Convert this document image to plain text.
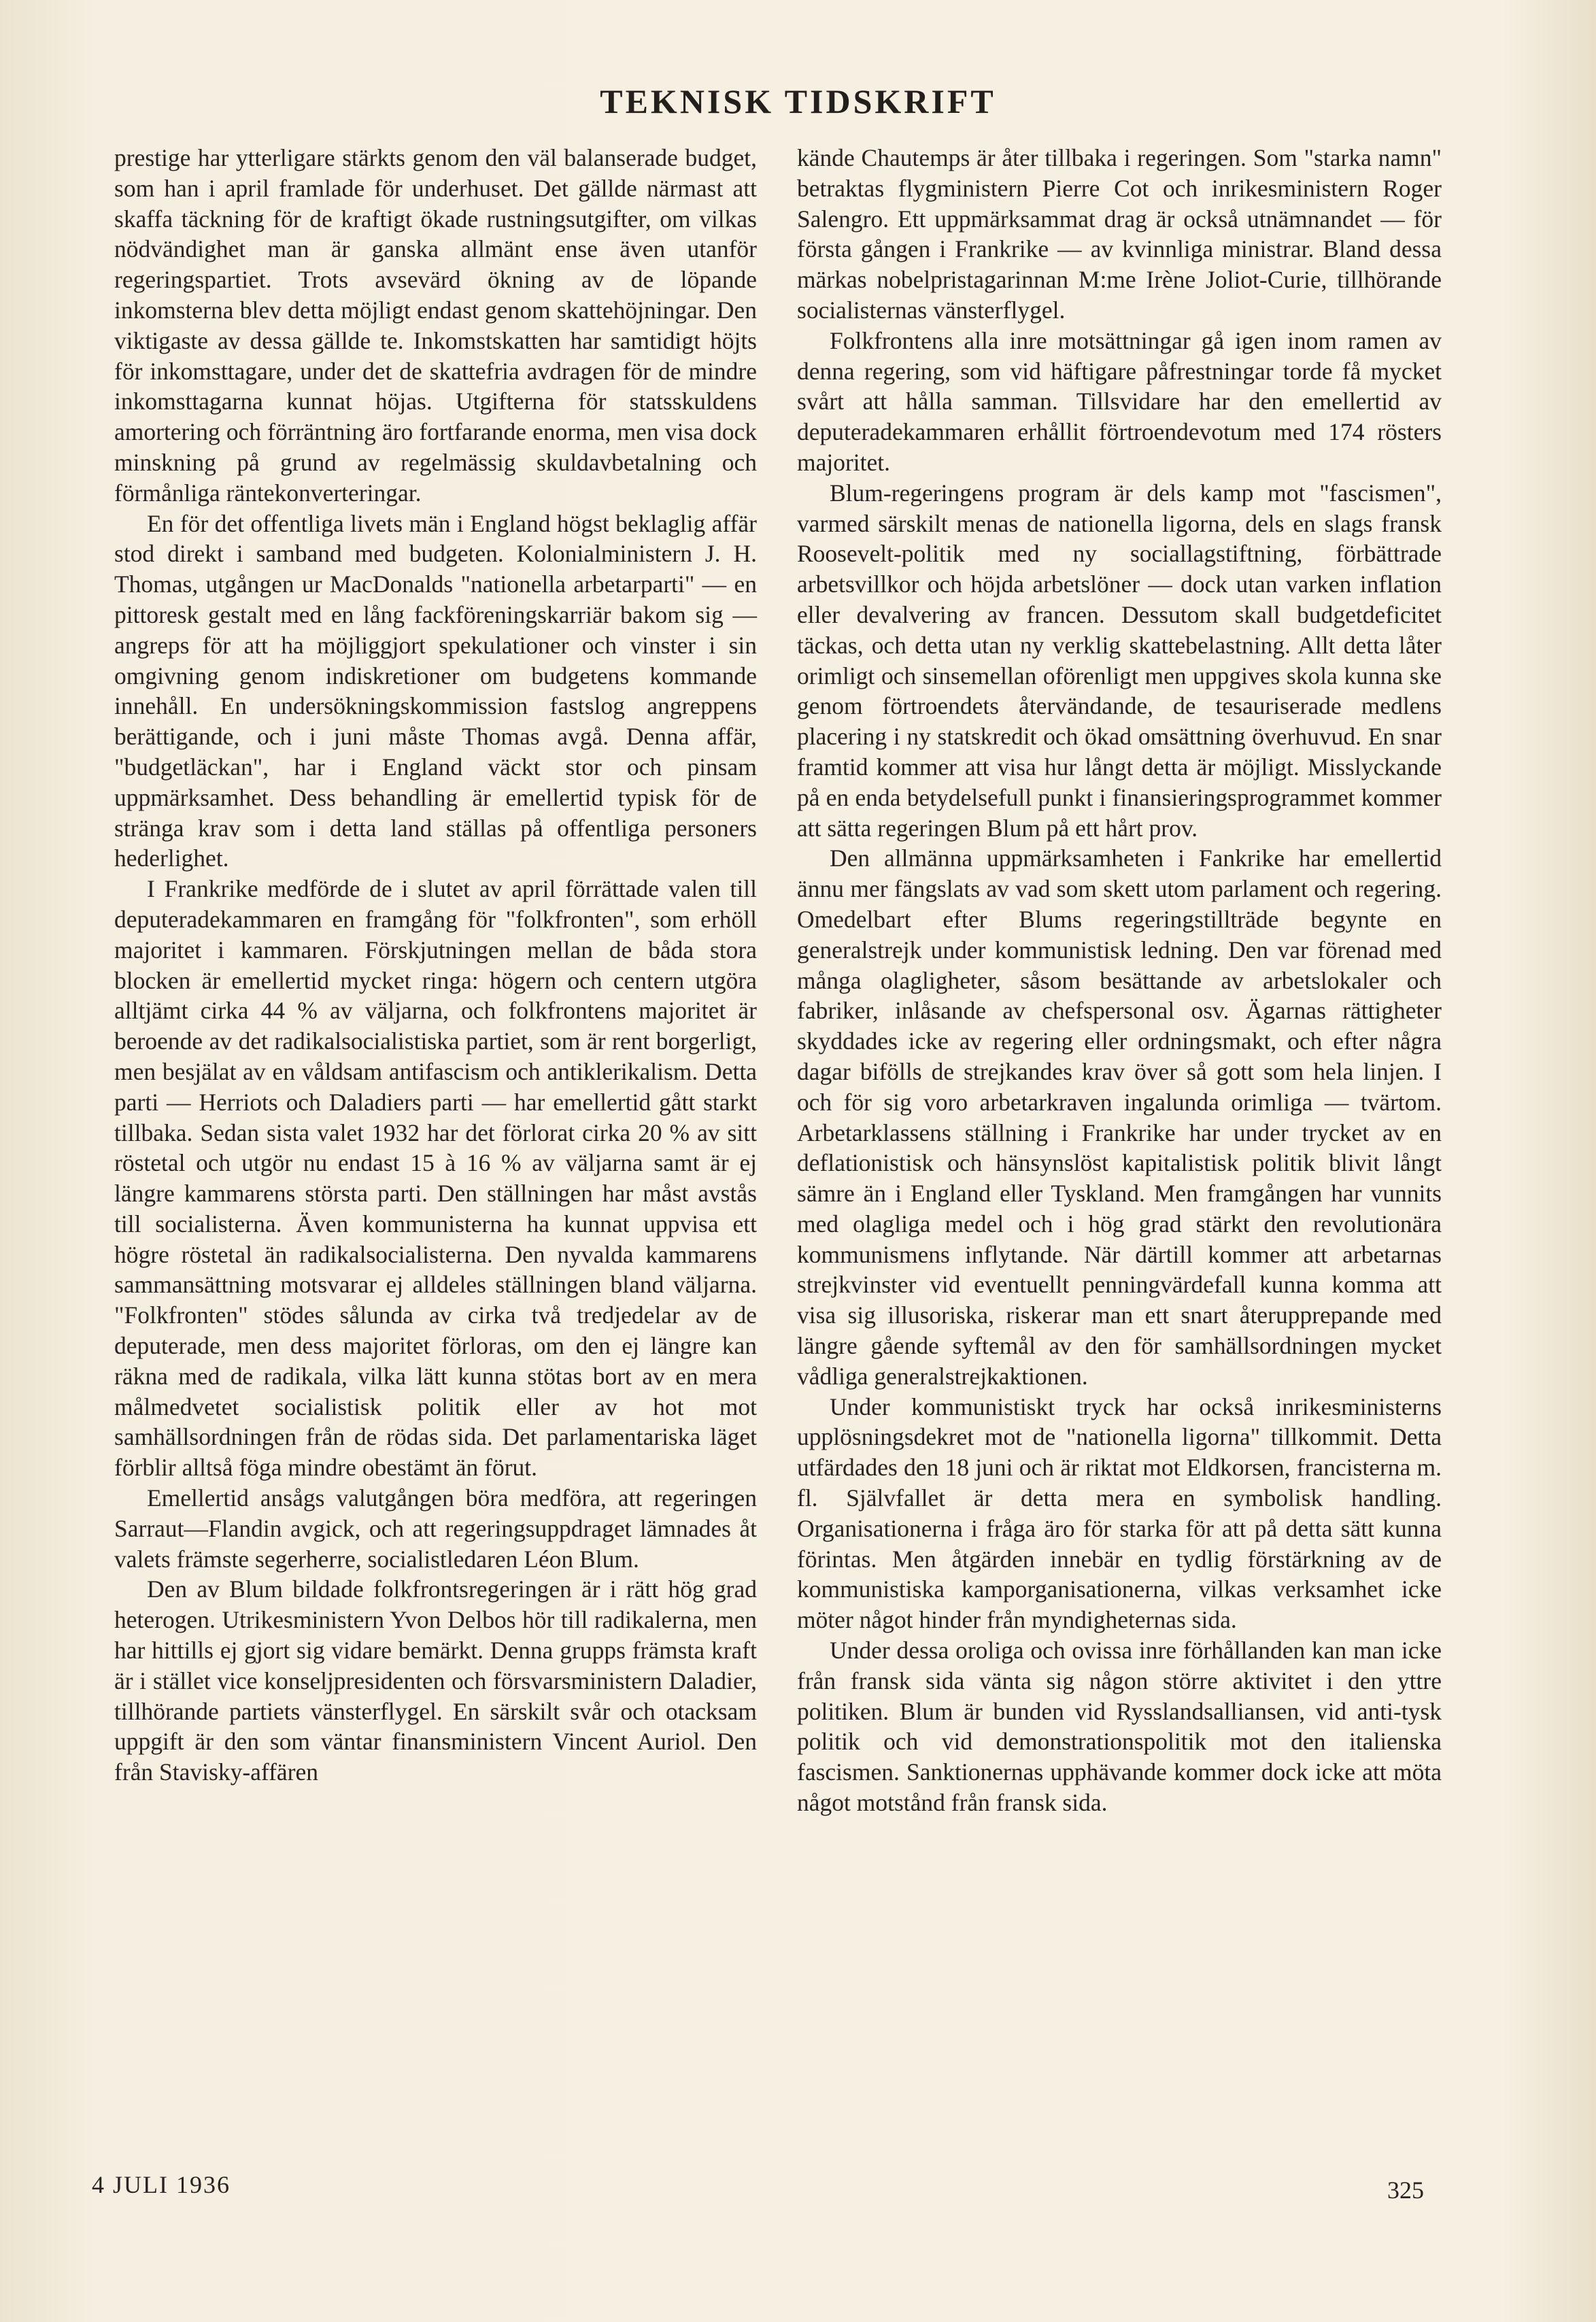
TEKNISK TIDSKRIFT

prestige har ytterligare stärkts genom den väl balanserade budget, som han i april framlade för underhuset. Det gällde närmast att skaffa täckning för de kraftigt ökade rustningsutgifter, om vilkas nödvändighet man är ganska allmänt ense även utanför regeringspartiet. Trots avsevärd ökning av de löpande inkomsterna blev detta möjligt endast genom skattehöjningar. Den viktigaste av dessa gällde te. Inkomstskatten har samtidigt höjts för inkomsttagare, under det de skattefria avdragen för de mindre inkomsttagarna kunnat höjas. Utgifterna för statsskuldens amortering och förräntning äro fortfarande enorma, men visa dock minskning på grund av regelmässig skuldavbetalning och förmånliga räntekonverteringar.

En för det offentliga livets män i England högst beklaglig affär stod direkt i samband med budgeten. Kolonialministern J. H. Thomas, utgången ur MacDonalds "nationella arbetarparti" — en pittoresk gestalt med en lång fackföreningskarriär bakom sig — angreps för att ha möjliggjort spekulationer och vinster i sin omgivning genom indiskretioner om budgetens kommande innehåll. En undersökningskommission fastslog angreppens berättigande, och i juni måste Thomas avgå. Denna affär, "budgetläckan", har i England väckt stor och pinsam uppmärksamhet. Dess behandling är emellertid typisk för de stränga krav som i detta land ställas på offentliga personers hederlighet.

I Frankrike medförde de i slutet av april förrättade valen till deputeradekammaren en framgång för "folkfronten", som erhöll majoritet i kammaren. Förskjutningen mellan de båda stora blocken är emellertid mycket ringa: högern och centern utgöra alltjämt cirka 44 % av väljarna, och folkfrontens majoritet är beroende av det radikalsocialistiska partiet, som är rent borgerligt, men besjälat av en våldsam antifascism och antiklerikalism. Detta parti — Herriots och Daladiers parti — har emellertid gått starkt tillbaka. Sedan sista valet 1932 har det förlorat cirka 20 % av sitt röstetal och utgör nu endast 15 à 16 % av väljarna samt är ej längre kammarens största parti. Den ställningen har måst avstås till socialisterna. Även kommunisterna ha kunnat uppvisa ett högre röstetal än radikalsocialisterna. Den nyvalda kammarens sammansättning motsvarar ej alldeles ställningen bland väljarna. "Folkfronten" stödes sålunda av cirka två tredjedelar av de deputerade, men dess majoritet förloras, om den ej längre kan räkna med de radikala, vilka lätt kunna stötas bort av en mera målmedvetet socialistisk politik eller av hot mot samhällsordningen från de rödas sida. Det parlamentariska läget förblir alltså föga mindre obestämt än förut.

Emellertid ansågs valutgången böra medföra, att regeringen Sarraut—Flandin avgick, och att regeringsuppdraget lämnades åt valets främste segerherre, socialistledaren Léon Blum.

Den av Blum bildade folkfrontsregeringen är i rätt hög grad heterogen. Utrikesministern Yvon Delbos hör till radikalerna, men har hittills ej gjort sig vidare bemärkt. Denna grupps främsta kraft är i stället vice konseljpresidenten och försvarsministern Daladier, tillhörande partiets vänsterflygel. En särskilt svår och otacksam uppgift är den som väntar finansministern Vincent Auriol. Den från Stavisky-affären

kände Chautemps är åter tillbaka i regeringen. Som "starka namn" betraktas flygministern Pierre Cot och inrikesministern Roger Salengro. Ett uppmärksammat drag är också utnämnandet — för första gången i Frankrike — av kvinnliga ministrar. Bland dessa märkas nobelpristagarinnan M:me Irène Joliot-Curie, tillhörande socialisternas vänsterflygel.

Folkfrontens alla inre motsättningar gå igen inom ramen av denna regering, som vid häftigare påfrestningar torde få mycket svårt att hålla samman. Tillsvidare har den emellertid av deputeradekammaren erhållit förtroendevotum med 174 rösters majoritet.

Blum-regeringens program är dels kamp mot "fascismen", varmed särskilt menas de nationella ligorna, dels en slags fransk Roosevelt-politik med ny sociallagstiftning, förbättrade arbetsvillkor och höjda arbetslöner — dock utan varken inflation eller devalvering av francen. Dessutom skall budgetdeficitet täckas, och detta utan ny verklig skattebelastning. Allt detta låter orimligt och sinsemellan oförenligt men uppgives skola kunna ske genom förtroendets återvändande, de tesauriserade medlens placering i ny statskredit och ökad omsättning överhuvud. En snar framtid kommer att visa hur långt detta är möjligt. Misslyckande på en enda betydelsefull punkt i finansieringsprogrammet kommer att sätta regeringen Blum på ett hårt prov.

Den allmänna uppmärksamheten i Fankrike har emellertid ännu mer fängslats av vad som skett utom parlament och regering. Omedelbart efter Blums regeringstillträde begynte en generalstrejk under kommunistisk ledning. Den var förenad med många olagligheter, såsom besättande av arbetslokaler och fabriker, inlåsande av chefspersonal osv. Ägarnas rättigheter skyddades icke av regering eller ordningsmakt, och efter några dagar bifölls de strejkandes krav över så gott som hela linjen. I och för sig voro arbetarkraven ingalunda orimliga — tvärtom. Arbetarklassens ställning i Frankrike har under trycket av en deflationistisk och hänsynslöst kapitalistisk politik blivit långt sämre än i England eller Tyskland. Men framgången har vunnits med olagliga medel och i hög grad stärkt den revolutionära kommunismens inflytande. När därtill kommer att arbetarnas strejkvinster vid eventuellt penningvärdefall kunna komma att visa sig illusoriska, riskerar man ett snart återupprepande med längre gående syftemål av den för samhällsordningen mycket vådliga generalstrejkaktionen.

Under kommunistiskt tryck har också inrikesministerns upplösningsdekret mot de "nationella ligorna" tillkommit. Detta utfärdades den 18 juni och är riktat mot Eldkorsen, francisterna m. fl. Självfallet är detta mera en symbolisk handling. Organisationerna i fråga äro för starka för att på detta sätt kunna förintas. Men åtgärden innebär en tydlig förstärkning av de kommunistiska kamporganisationerna, vilkas verksamhet icke möter något hinder från myndigheternas sida.

Under dessa oroliga och ovissa inre förhållanden kan man icke från fransk sida vänta sig någon större aktivitet i den yttre politiken. Blum är bunden vid Rysslandsalliansen, vid anti-tysk politik och vid demonstrationspolitik mot den italienska fascismen. Sanktionernas upphävande kommer dock icke att möta något motstånd från fransk sida.

4 JULI 1936	325
